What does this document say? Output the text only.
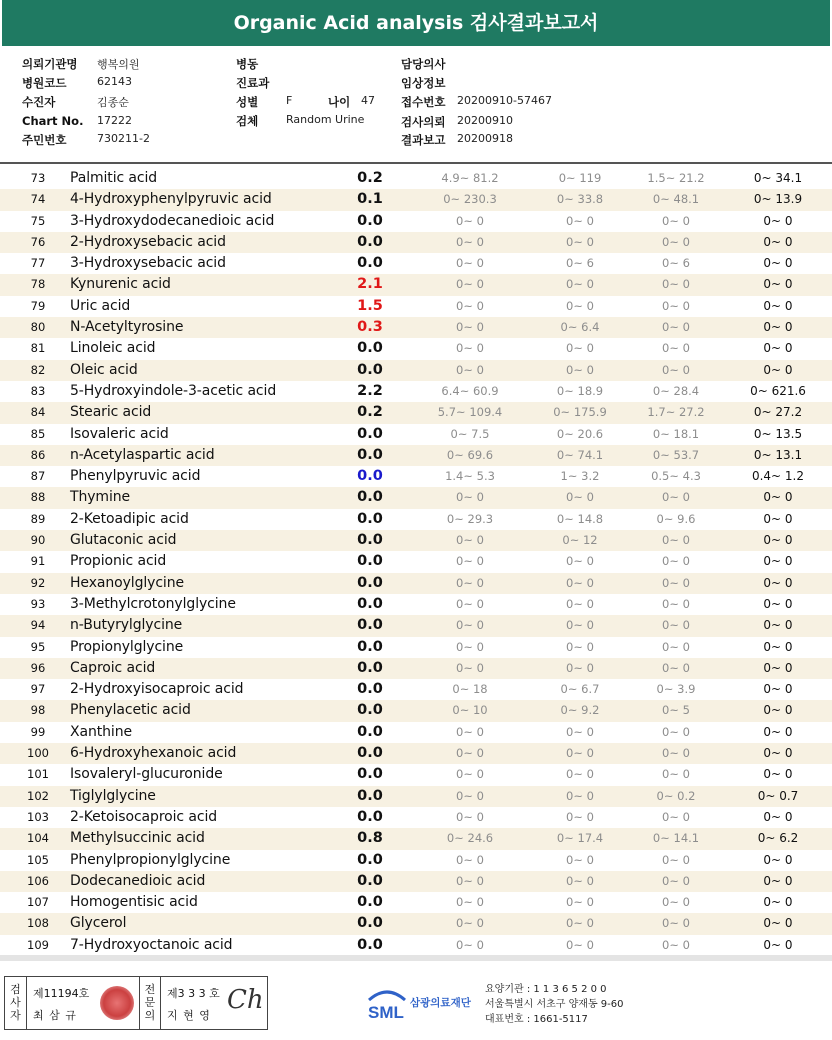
Organic Acid analysis 검사결과보고서
의뢰기관명 행복의원
병원코드	62143
수진자	김종순
Chart No. 17222
주민번호	730211-2
병동
진료과
성별	F	나이 47
검체	Random Urine
담당의사
임상정보
접수번호 20200910-57467
검사의뢰 20200910
결과보고 20200918
73	Palmitic acid	0.2	4.9~ 81.2	0~ 119	1.5~ 21.2	0~ 34.1
74	4-Hydroxyphenylpyruvic acid	0.1	0~ 230.3	0~ 33.8	0~ 48.1	0~ 13.9
75	3-Hydroxydodecanedioic acid	0.0	0~ 0	0~ 0	0~ 0	0~ 0
76	2-Hydroxysebacic acid	0.0	0~ 0	0~ 0	0~ 0	0~ 0
77	3-Hydroxysebacic acid	0.0	0~ 0	0~ 6	0~ 6	0~ 0
78	Kynurenic acid	2.1	0~ 0	0~ 0	0~ 0	0~ 0
79	Uric acid	1.5	0~ 0	0~ 0	0~ 0	0~ 0
80	N-Acetyltyrosine	0.3	0~ 0	0~ 6.4	0~ 0	0~ 0
81	Linoleic acid	0.0	0~ 0	0~ 0	0~ 0	0~ 0
82	Oleic acid	0.0	0~ 0	0~ 0	0~ 0	0~ 0
83	5-Hydroxyindole-3-acetic acid	2.2	6.4~ 60.9	0~ 18.9	0~ 28.4	0~ 621.6
84	Stearic acid	0.2	5.7~ 109.4	0~ 175.9	1.7~ 27.2	0~ 27.2
85	Isovaleric acid	0.0	0~ 7.5	0~ 20.6	0~ 18.1	0~ 13.5
86	n-Acetylaspartic acid	0.0	0~ 69.6	0~ 74.1	0~ 53.7	0~ 13.1
87	Phenylpyruvic acid	0.0	1.4~ 5.3	1~ 3.2	0.5~ 4.3	0.4~ 1.2
88	Thymine	0.0	0~ 0	0~ 0	0~ 0	0~ 0
89	2-Ketoadipic acid	0.0	0~ 29.3	0~ 14.8	0~ 9.6	0~ 0
90	Glutaconic acid	0.0	0~ 0	0~ 12	0~ 0	0~ 0
91	Propionic acid	0.0	0~ 0	0~ 0	0~ 0	0~ 0
92	Hexanoylglycine	0.0	0~ 0	0~ 0	0~ 0	0~ 0
93	3-Methylcrotonylglycine	0.0	0~ 0	0~ 0	0~ 0	0~ 0
94	n-Butyrylglycine	0.0	0~ 0	0~ 0	0~ 0	0~ 0
95	Propionylglycine	0.0	0~ 0	0~ 0	0~ 0	0~ 0
96	Caproic acid	0.0	0~ 0	0~ 0	0~ 0	0~ 0
97	2-Hydroxyisocaproic acid	0.0	0~ 18	0~ 6.7	0~ 3.9	0~ 0
98	Phenylacetic acid	0.0	0~ 10	0~ 9.2	0~ 5	0~ 0
99	Xanthine	0.0	0~ 0	0~ 0	0~ 0	0~ 0
100	6-Hydroxyhexanoic acid	0.0	0~ 0	0~ 0	0~ 0	0~ 0
101	Isovaleryl-glucuronide	0.0	0~ 0	0~ 0	0~ 0	0~ 0
102	Tiglylglycine	0.0	0~ 0	0~ 0	0~ 0.2	0~ 0.7
103	2-Ketoisocaproic acid	0.0	0~ 0	0~ 0	0~ 0	0~ 0
104	Methylsuccinic acid	0.8	0~ 24.6	0~ 17.4	0~ 14.1	0~ 6.2
105	Phenylpropionylglycine	0.0	0~ 0	0~ 0	0~ 0	0~ 0
106	Dodecanedioic acid	0.0	0~ 0	0~ 0	0~ 0	0~ 0
107	Homogentisic acid	0.0	0~ 0	0~ 0	0~ 0	0~ 0
108	Glycerol	0.0	0~ 0	0~ 0	0~ 0	0~ 0
109	7-Hydroxyoctanoic acid	0.0	0~ 0	0~ 0	0~ 0	0~ 0
검사자
제11194호
최 삼 규
전문의
제3 3 3 호
지 현 영
Ch	SML 삼광의료재단
요양기관 : 1 1 3 6 5 2 0 0
서울특별시 서초구 양재동 9-60
대표번호 : 1661-5117
